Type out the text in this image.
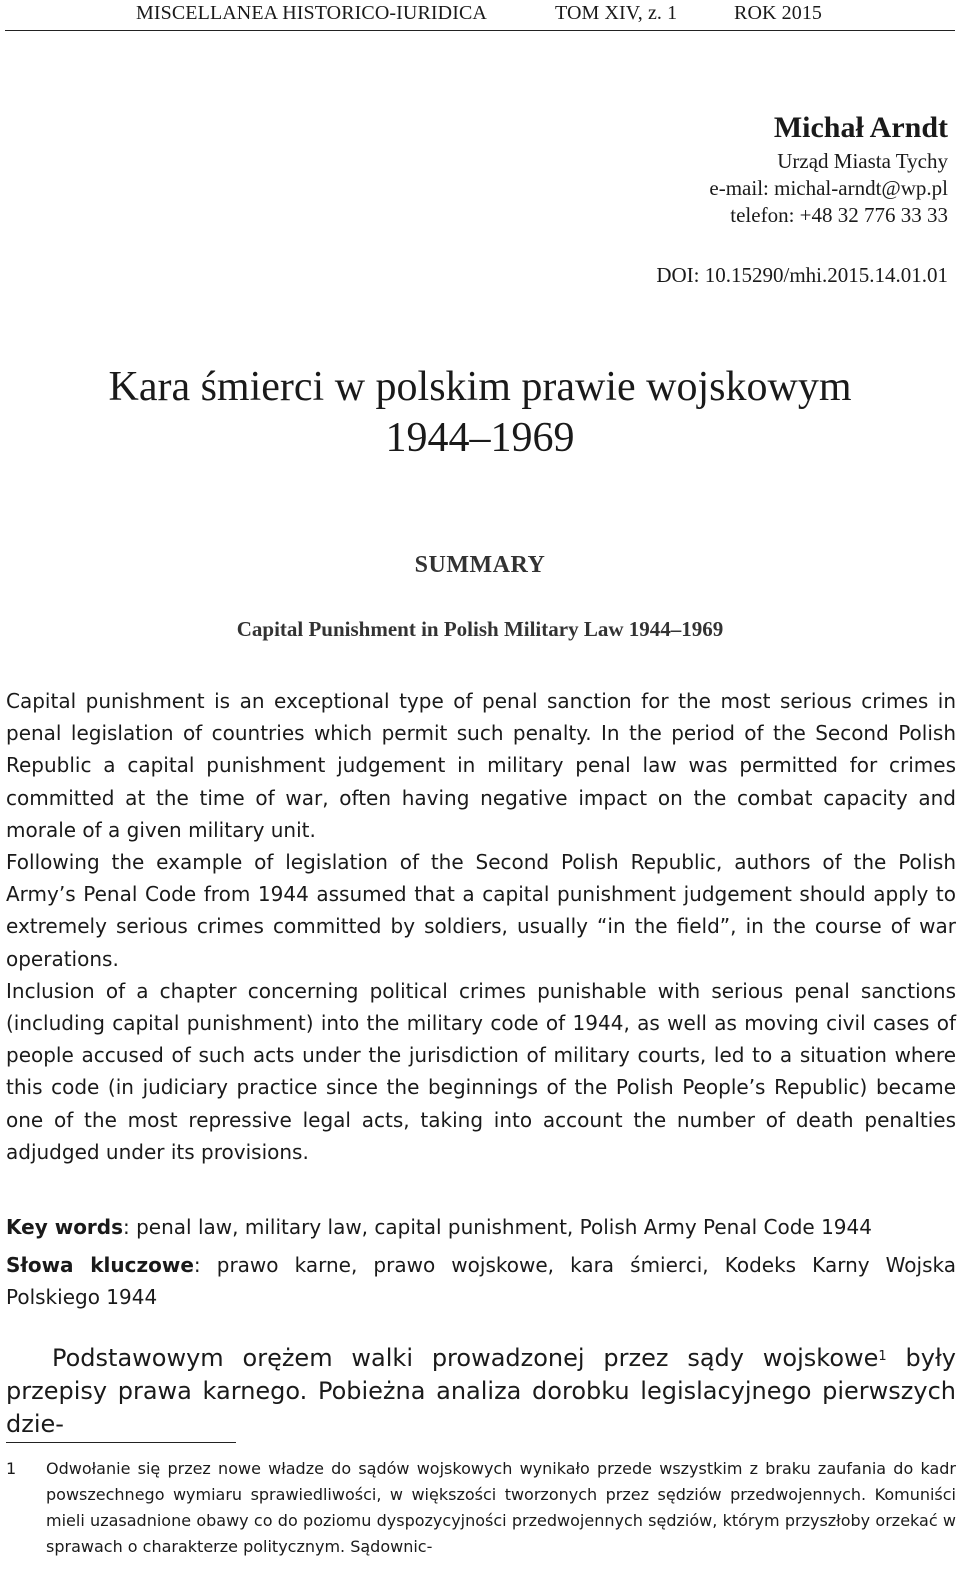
MISCELLANEA HISTORICO-IURIDICA	TOM XIV, z. 1	ROK 2015
Michał Arndt
Urząd Miasta Tychy
e-mail: michal-arndt@wp.pl
telefon: +48 32 776 33 33
DOI: 10.15290/mhi.2015.14.01.01
Kara śmierci w polskim prawie wojskowym
1944–1969
SUMMARY
Capital Punishment in Polish Military Law 1944–1969

Capital punishment is an exceptional type of penal sanction for the most serious crimes in penal legislation of countries which permit such penalty. In the period of the Second Polish Republic a capital punishment judgement in military penal law was permitted for crimes committed at the time of war, often having negative impact on the combat capacity and morale of a given military unit.

Following the example of legislation of the Second Polish Republic, authors of the Polish Army’s Penal Code from 1944 assumed that a capital punishment judgement should apply to extremely serious crimes committed by soldiers, usually “in the field”, in the course of war operations.

Inclusion of a chapter concerning political crimes punishable with serious penal sanctions (including capital punishment) into the military code of 1944, as well as moving civil cases of people accused of such acts under the jurisdiction of military courts, led to a situation where this code (in judiciary practice since the beginnings of the Polish People’s Republic) became one of the most repressive legal acts, taking into account the number of death penalties adjudged under its provisions.

Key words: penal law, military law, capital punishment, Polish Army Penal Code 1944
Słowa kluczowe: prawo karne, prawo wojskowe, kara śmierci, Kodeks Karny Wojska Polskiego 1944

Podstawowym orężem walki prowadzonej przez sądy wojskowe$^1$ były przepisy prawa karnego. Pobieżna analiza dorobku legislacyjnego pierwszych dzie-

1 Odwołanie się przez nowe władze do sądów wojskowych wynikało przede wszystkim z braku zaufania do kadr powszechnego wymiaru sprawiedliwości, w większości tworzonych przez sędziów przedwojennych. Komuniści mieli uzasadnione obawy co do poziomu dyspozycyjności przedwojennych sędziów, którym przyszłoby orzekać w sprawach o charakterze politycznym. Sądownic-
